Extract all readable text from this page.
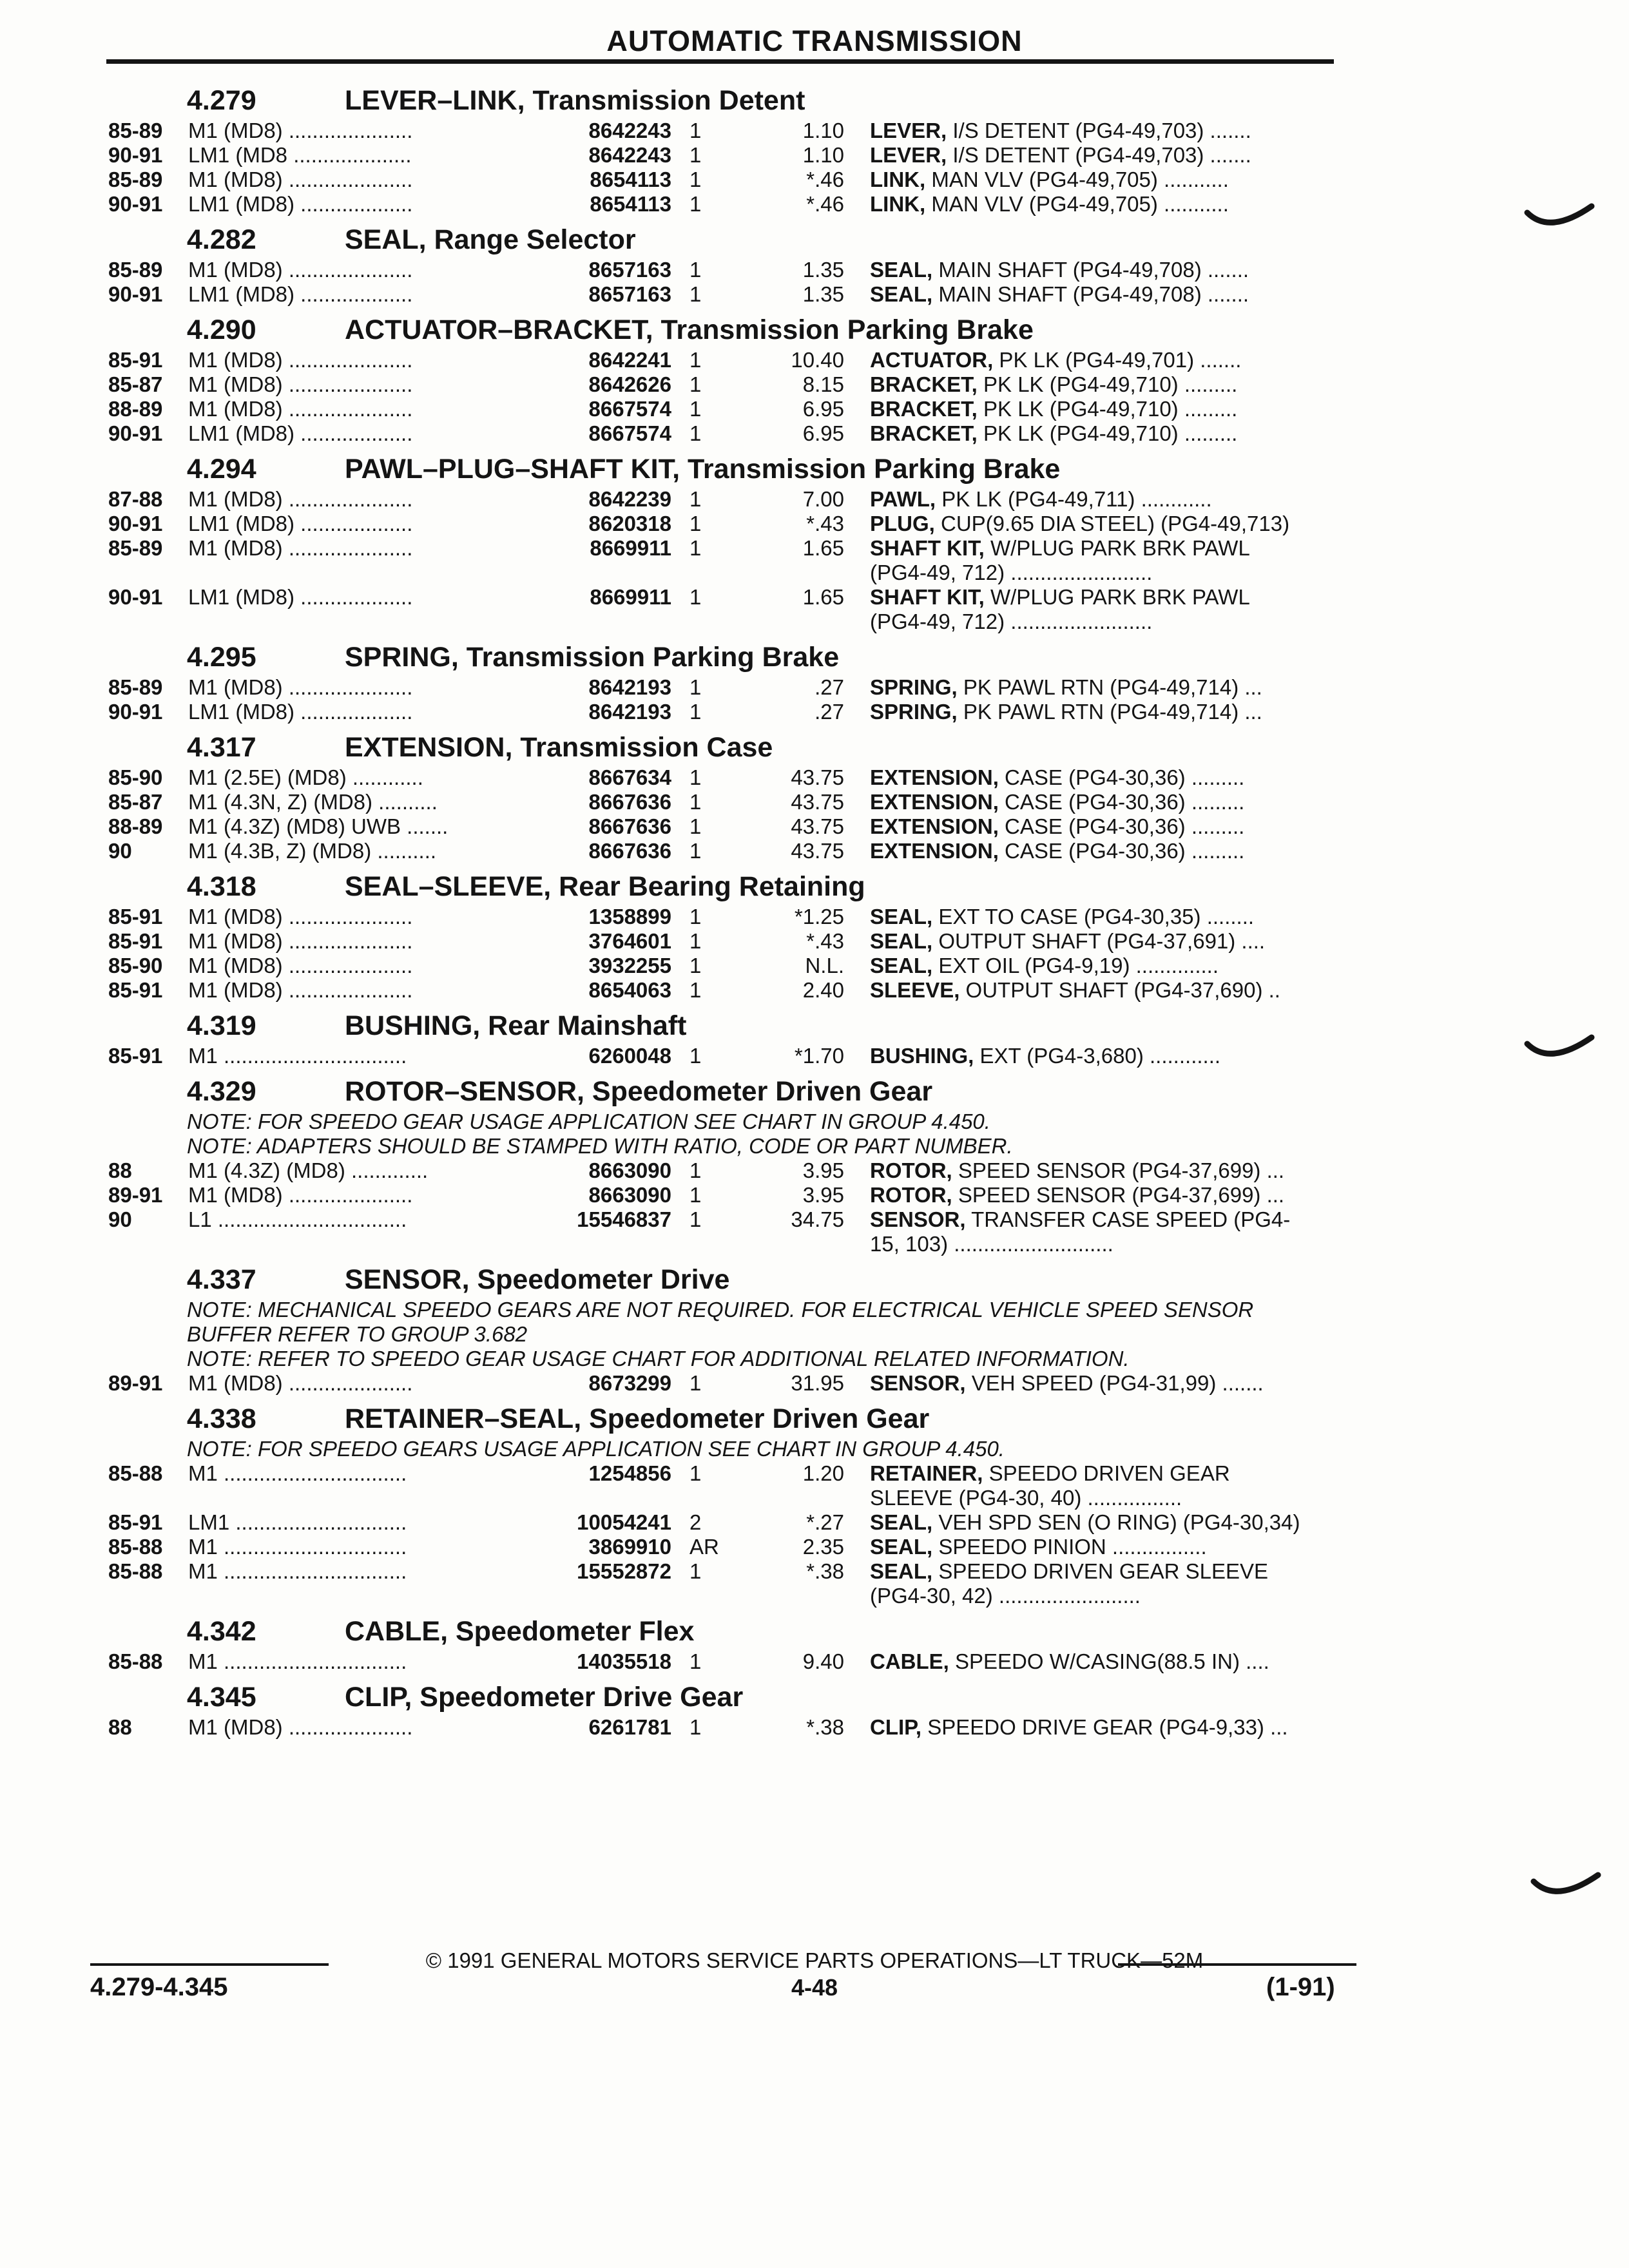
AUTOMATIC TRANSMISSION
4.279	LEVER–LINK, Transmission Detent
85-89	M1 (MD8) .....................	8642243 1	1.10 LEVER, I/S DETENT (PG4-49,703) .......
90-91	LM1 (MD8 ....................	8642243 1	1.10 LEVER, I/S DETENT (PG4-49,703) .......
85-89	M1 (MD8) .....................	8654113 1	*.46 LINK, MAN VLV (PG4-49,705) ...........
90-91	LM1 (MD8) ...................	8654113 1	*.46 LINK, MAN VLV (PG4-49,705) ...........
4.282	SEAL, Range Selector
85-89	M1 (MD8) .....................	8657163 1	1.35 SEAL, MAIN SHAFT (PG4-49,708) .......
90-91	LM1 (MD8) ...................	8657163 1	1.35 SEAL, MAIN SHAFT (PG4-49,708) .......
4.290	ACTUATOR–BRACKET, Transmission Parking Brake
85-91	M1 (MD8) .....................	8642241 1	10.40 ACTUATOR, PK LK (PG4-49,701) .......
85-87	M1 (MD8) .....................	8642626 1	8.15 BRACKET, PK LK (PG4-49,710) .........
88-89	M1 (MD8) .....................	8667574 1	6.95 BRACKET, PK LK (PG4-49,710) .........
90-91	LM1 (MD8) ...................	8667574 1	6.95 BRACKET, PK LK (PG4-49,710) .........
4.294	PAWL–PLUG–SHAFT KIT, Transmission Parking Brake
87-88	M1 (MD8) .....................	8642239 1	7.00 PAWL, PK LK (PG4-49,711) ............
90-91	LM1 (MD8) ...................	8620318 1	*.43 PLUG, CUP(9.65 DIA STEEL) (PG4-49,713)
85-89	M1 (MD8) .....................	8669911 1	1.65 SHAFT KIT, W/PLUG PARK BRK PAWL
(PG4-49, 712) ........................
90-91	LM1 (MD8) ...................	8669911 1	1.65 SHAFT KIT, W/PLUG PARK BRK PAWL
(PG4-49, 712) ........................
4.295	SPRING, Transmission Parking Brake
85-89	M1 (MD8) .....................	8642193 1	.27 SPRING, PK PAWL RTN (PG4-49,714) ...
90-91	LM1 (MD8) ...................	8642193 1	.27 SPRING, PK PAWL RTN (PG4-49,714) ...
4.317	EXTENSION, Transmission Case
85-90	M1 (2.5E) (MD8) ............	8667634 1	43.75 EXTENSION, CASE (PG4-30,36) .........
85-87	M1 (4.3N, Z) (MD8) ..........	8667636 1	43.75 EXTENSION, CASE (PG4-30,36) .........
88-89	M1 (4.3Z) (MD8) UWB .......	8667636 1	43.75 EXTENSION, CASE (PG4-30,36) .........
90	M1 (4.3B, Z) (MD8) ..........	8667636 1	43.75 EXTENSION, CASE (PG4-30,36) .........
4.318	SEAL–SLEEVE, Rear Bearing Retaining
85-91	M1 (MD8) .....................	1358899 1	*1.25 SEAL, EXT TO CASE (PG4-30,35) ........
85-91	M1 (MD8) .....................	3764601 1	*.43 SEAL, OUTPUT SHAFT (PG4-37,691) ....
85-90	M1 (MD8) .....................	3932255 1	N.L. SEAL, EXT OIL (PG4-9,19) ..............
85-91	M1 (MD8) .....................	8654063 1	2.40 SLEEVE, OUTPUT SHAFT (PG4-37,690) ..
4.319	BUSHING, Rear Mainshaft
85-91	M1 ...............................	6260048 1	*1.70 BUSHING, EXT (PG4-3,680) ............
4.329	ROTOR–SENSOR, Speedometer Driven Gear
NOTE: FOR SPEEDO GEAR USAGE APPLICATION SEE CHART IN GROUP 4.450.
NOTE: ADAPTERS SHOULD BE STAMPED WITH RATIO, CODE OR PART NUMBER.
88	M1 (4.3Z) (MD8) .............	8663090 1	3.95 ROTOR, SPEED SENSOR (PG4-37,699) ...
89-91	M1 (MD8) .....................	8663090 1	3.95 ROTOR, SPEED SENSOR (PG4-37,699) ...
90	L1 ................................	15546837 1	34.75 SENSOR, TRANSFER CASE SPEED (PG4-
15, 103) ...........................
4.337	SENSOR, Speedometer Drive
NOTE: MECHANICAL SPEEDO GEARS ARE NOT REQUIRED. FOR ELECTRICAL VEHICLE SPEED SENSOR
BUFFER REFER TO GROUP 3.682
NOTE: REFER TO SPEEDO GEAR USAGE CHART FOR ADDITIONAL RELATED INFORMATION.
89-91	M1 (MD8) .....................	8673299 1	31.95 SENSOR, VEH SPEED (PG4-31,99) .......
4.338	RETAINER–SEAL, Speedometer Driven Gear
NOTE: FOR SPEEDO GEARS USAGE APPLICATION SEE CHART IN GROUP 4.450.
85-88	M1 ...............................	1254856 1	1.20 RETAINER, SPEEDO DRIVEN GEAR
SLEEVE (PG4-30, 40) ................
85-91	LM1 .............................	10054241 2	*.27 SEAL, VEH SPD SEN (O RING) (PG4-30,34)
85-88	M1 ...............................	3869910 AR	2.35 SEAL, SPEEDO PINION ................
85-88	M1 ...............................	15552872 1	*.38 SEAL, SPEEDO DRIVEN GEAR SLEEVE
(PG4-30, 42) ........................
4.342	CABLE, Speedometer Flex
85-88	M1 ...............................	14035518 1	9.40 CABLE, SPEEDO W/CASING(88.5 IN) ....
4.345	CLIP, Speedometer Drive Gear
88	M1 (MD8) .....................	6261781 1	*.38 CLIP, SPEEDO DRIVE GEAR (PG4-9,33) ...
© 1991 GENERAL MOTORS SERVICE PARTS OPERATIONS—LT TRUCK—52M
4.279-4.345	4-48	(1-91)
